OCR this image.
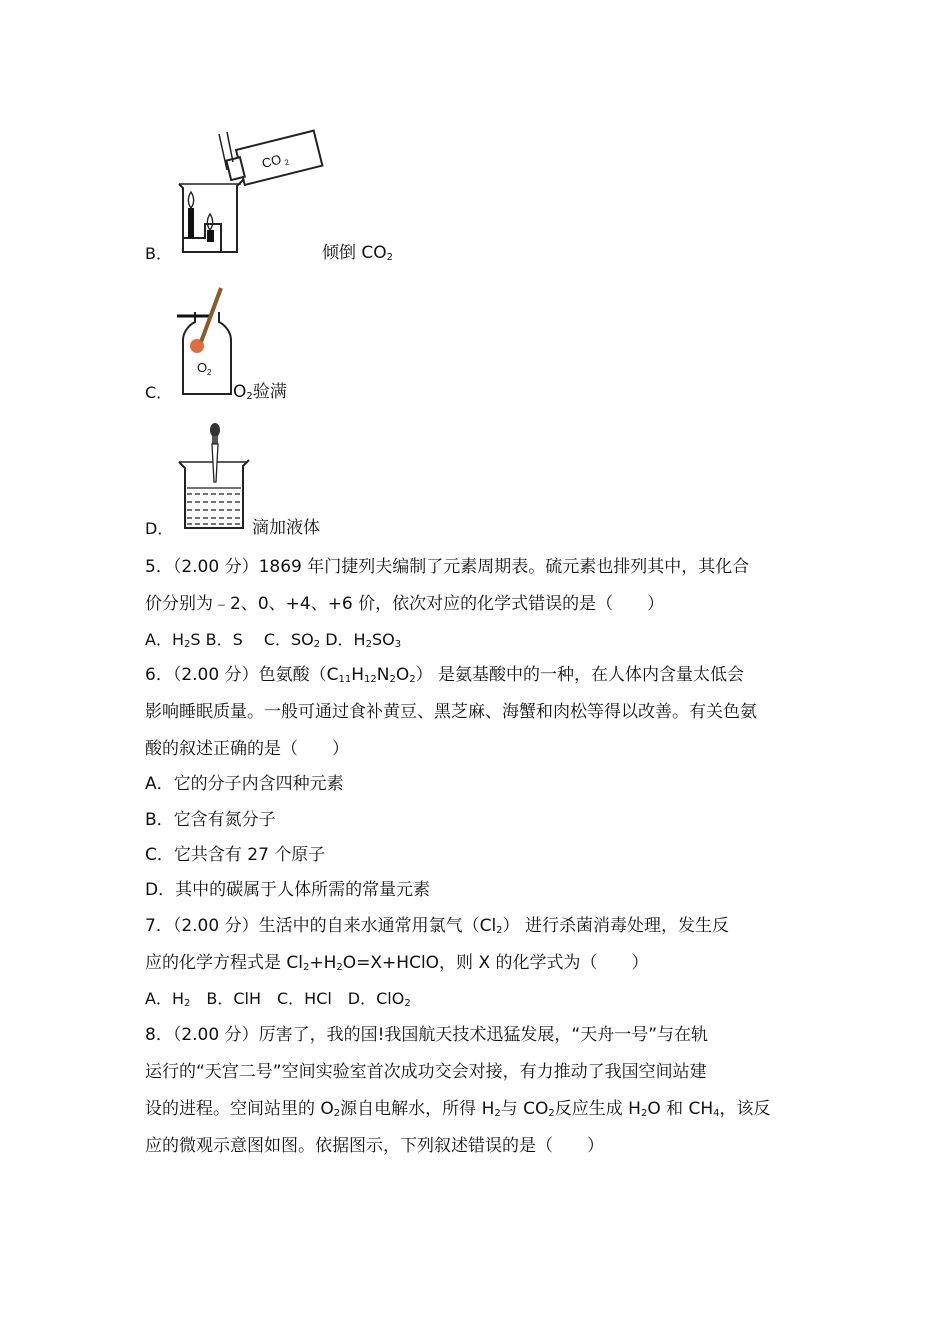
B．
CO 2
倾倒 $CO_2$
C．
O 2
$O_2$验满
D．	滴加液体
5．（2.00 分）1869 年门捷列夫编制了元素周期表。硫元素也排列其中，其化合
价分别为﹣2、0、+4、+6 价，依次对应的化学式错误的是（　　）
A．$H_2S$ B．S　 C．$SO_2$ D．$H_2SO_3$
6．（2.00 分）色氨酸$(C_{11}H_{12}N_2O_2)$ 是氨基酸中的一种，在人体内含量太低会
影响睡眠质量。一般可通过食补黄豆、黑芝麻、海蟹和肉松等得以改善。有关色氨
酸的叙述正确的是（　　）
A．它的分子内含四种元素
B．它含有氮分子
C．它共含有 27 个原子
D．其中的碳属于人体所需的常量元素
7．（2.00 分）生活中的自来水通常用氯气$(Cl_2)$ 进行杀菌消毒处理，发生反
应的化学方程式是 $Cl_2+H_2O=X+HClO$，则 X 的化学式为（　　）
A．$H_2$　B．ClH　C．HCl　D．ClO$_2$
8．（2.00 分）厉害了，我的国!我国航天技术迅猛发展，“天舟一号”与在轨
运行的“天宫二号”空间实验室首次成功交会对接，有力推动了我国空间站建
设的进程。空间站里的 $O_2$源自电解水，所得 $H_2$与 $CO_2$反应生成 $H_2O$ 和 $CH_4$，该反
应的微观示意图如图。依据图示，下列叙述错误的是（　　）
